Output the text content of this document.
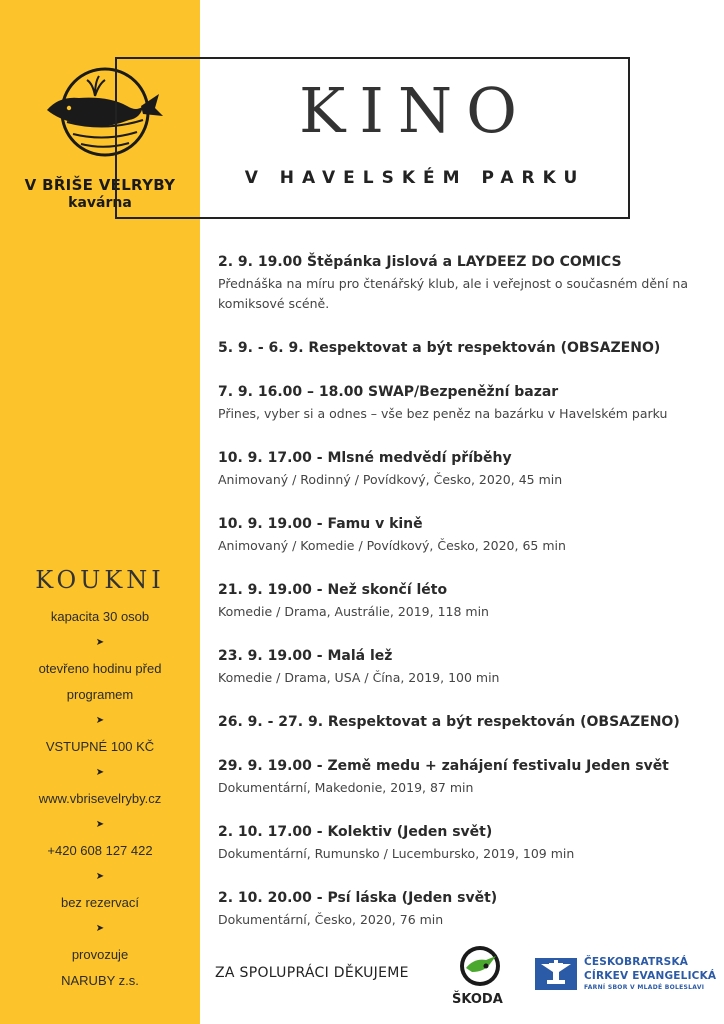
V BŘIŠE VELRYBY
kavárna
KINO
V HAVELSKÉM PARKU
KOUKNI
kapacita 30 osob
➤
otevřeno hodinu před programem
➤
VSTUPNÉ 100 KČ
➤
www.vbrisevelryby.cz
➤
+420 608 127 422
➤
bez rezervací
➤
provozuje NARUBY z.s.
2. 9. 19.00 Štěpánka Jislová a LAYDEEZ DO COMICS
Přednáška na míru pro čtenářský klub, ale i veřejnost o současném dění na komiksové scéně.
5. 9. - 6. 9. Respektovat a být respektován (OBSAZENO)
7. 9. 16.00 – 18.00 SWAP/Bezpeněžní bazar
Přines, vyber si a odnes – vše bez peněz na bazárku v Havelském parku
10. 9. 17.00 - Mlsné medvědí příběhy
Animovaný / Rodinný / Povídkový, Česko, 2020, 45 min
10. 9. 19.00 - Famu v kině
Animovaný / Komedie / Povídkový, Česko, 2020, 65 min
21. 9. 19.00 - Než skončí léto
Komedie / Drama, Austrálie, 2019, 118 min
23. 9. 19.00 - Malá lež
Komedie / Drama, USA / Čína, 2019, 100 min
26. 9. - 27. 9. Respektovat a být respektován (OBSAZENO)
29. 9. 19.00 - Země medu + zahájení festivalu Jeden svět
Dokumentární, Makedonie, 2019, 87 min
2. 10. 17.00 - Kolektiv (Jeden svět)
Dokumentární, Rumunsko / Lucembursko, 2019, 109 min
2. 10. 20.00 - Psí láska (Jeden svět)
Dokumentární, Česko, 2020, 76 min
ZA SPOLUPRÁCI DĚKUJEME
ŠKODA
ČESKOBRATRSKÁ
CÍRKEV EVANGELICKÁ
FARNÍ SBOR V MLADÉ BOLESLAVI
